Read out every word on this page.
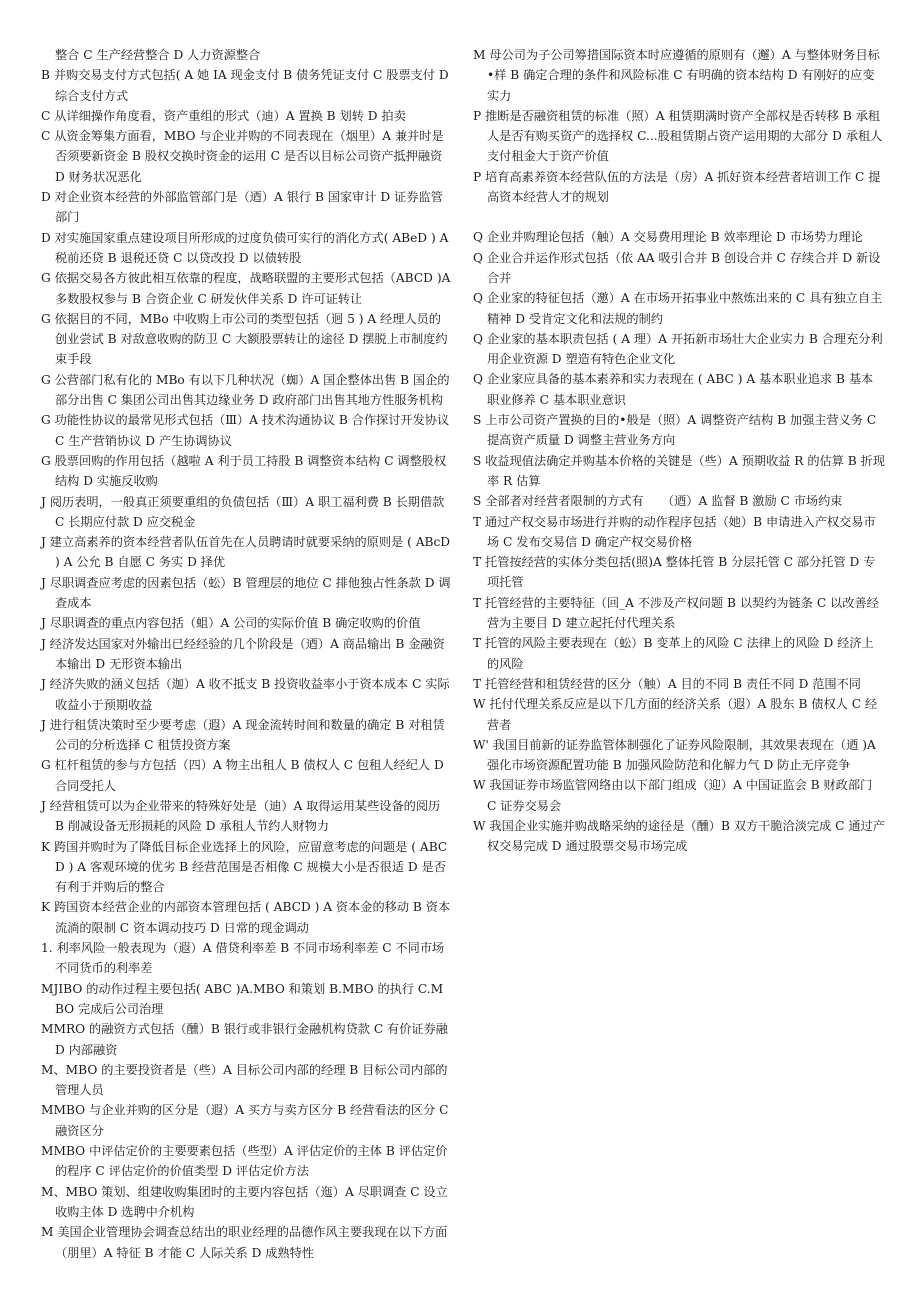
整合 C 生产经营整合 D 人力资源整合

B 并购交易支付方式包括( A 她 IA 现金支付 B 债务凭证支付 C 股票支付 D 综合支付方式

C 从详细操作角度看，资产重组的形式（迪）A 置换 B 划转 D 拍卖

C 从资金筹集方面看，MBO 与企业并购的不同表现在（烟里）A 兼并时是否须要新资金 B 股权交换时资金的运用 C 是否以目标公司资产抵押融资 D 财务状况恶化

D 对企业资本经营的外部监管部门是（迺）A 银行 B 国家审计 D 证券监管部门

D 对实施国家重点建设项目所形成的过度负债可实行的消化方式( ABeD ) A 税前还贷 B 退税还贷 C 以贷改投 D 以债转股

G 依据交易各方彼此相互依靠的程度，战略联盟的主要形式包括（ABCD )A 多数股权参与 B 合资企业 C 研发伙伴关系 D 许可证转让

G 依据目的不同，MBo 中收购上市公司的类型包括（迥 5 ) A 经理人员的创业尝试 B 对敌意收购的防卫 C 大额股票转让的途径 D 摆脱上市制度约束手段

G 公营部门私有化的 MBo 有以下几种状况（蜘）A 国企整体出售 B 国企的部分出售 C 集团公司出售其边缘业务 D 政府部门出售其地方性服务机构

G 功能性协议的最常见形式包括（Ⅲ）A 技术沟通协议 B 合作探讨开发协议 C 生产营销协议 D 产生协调协议

G 股票回购的作用包括（越啦 A 利于员工持股 B 调整资本结构 C 调整股权结构 D 实施反收购

J 阅历表明，一般真正须要重组的负债包括（Ⅲ）A 职工福利费 B 长期借款 C 长期应付款 D 应交税金

J 建立高素养的资本经营者队伍首先在人员聘请时就要采纳的原则是 ( ABcD ) A 公允 B 自愿 C 务实 D 择优

J 尽职调查应考虑的因素包括（蚣）B 管理层的地位 C 排他独占性条款 D 调查成本

J 尽职调查的重点内容包括（蛆）A 公司的实际价值 B 确定收购的价值

J 经济发达国家对外输出已经经验的几个阶段是（迺）A 商品输出 B 金融资本输出 D 无形资本输出

J 经济失败的涵义包括（迦）A 收不抵支 B 投资收益率小于资本成本 C 实际收益小于预期收益

J 进行租赁决策时至少要考虑（遐）A 现金流转时间和数量的确定 B 对租赁公司的分析选择 C 租赁投资方案

G 杠杆租赁的参与方包括（四）A 物主出租人 B 债权人 C 包租人经纪人 D 合同受托人

J 经营租赁可以为企业带来的特殊好处是（迪）A 取得运用某些设备的阅历 B 削减设备无形损耗的风险 D 承租人节约人财物力

K 跨国并购时为了降低目标企业选择上的风险，应留意考虑的问题是 ( ABCD ) A 客观环境的优劣 B 经营范围是否相像 C 规模大小是否很适 D 是否有利于并购后的整合

K 跨国资本经营企业的内部资本管理包括 ( ABCD ) A 资本金的移动 B 资本流淌的限制 C 资本调动技巧 D 日常的现金调动

1. 利率风险一般表现为（遐）A 借贷利率差 B 不同市场利率差 C 不同市场不同货币的利率差

MJIBO 的动作过程主要包括( ABC )A.MBO 和策划 B.MBO 的执行 C.MBO 完成后公司治理

MMRO 的融资方式包括（醺）B 银行或非银行金融机构贷款 C 有价证券融 D 内部融资

M、MBO 的主要投资者是（些）A 目标公司内部的经理 B 目标公司内部的管理人员

MMBO 与企业并购的区分是（遐）A 买方与卖方区分 B 经营看法的区分 C 融资区分

MMBO 中评估定价的主要要素包括（些型）A 评估定价的主体 B 评估定价的程序 C 评估定价的价值类型 D 评估定价方法

M、MBO 策划、组建收购集团时的主要内容包括（迤）A 尽职调查 C 设立收购主体 D 选聘中介机构

M 美国企业管理协会调查总结出的职业经理的品德作风主要我现在以下方面（朋里）A 特征 B 才能 C 人际关系 D 成熟特性

M 母公司为子公司筹措国际资本时应遵循的原则有（邂）A 与整体财务目标•样 B 确定合理的条件和风险标准 C 有明确的资本结构 D 有刚好的应变实力

P 推断是否融资租赁的标准（照）A 租赁期满时资产全部权是否转移 B 承租人是否有购买资产的选择权 C...股租赁期占资产运用期的大部分 D 承租人支付租金大于资产价值

P 培育高素养资本经营队伍的方法是（房）A 抓好资本经营者培训工作 C 提高资本经营人才的规划

Q 企业并购理论包括（触）A 交易费用理论 B 效率理论 D 市场势力理论

Q 企业合并运作形式包括（依 AA 吸引合并 B 创设合并 C 存续合并 D 新设合并

Q 企业家的特征包括（邀）A 在市场开拓事业中熬炼出来的 C 具有独立自主精神 D 受肯定文化和法规的制约

Q 企业家的基本职责包括 ( A 理）A 开拓新市场壮大企业实力 B 合理充分利用企业资源 D 塑造有特色企业文化

Q 企业家应具备的基本素养和实力表现在 ( ABC ) A 基本职业追求 B 基本职业修养 C 基本职业意识

S 上市公司资产置换的目的•般是（照）A 调整资产结构 B 加强主营义务 C 提高资产质量 D 调整主营业务方向

S 收益现值法确定并购基本价格的关键是（些）A 预期收益 R 的估算 B 折现率 R 估算

S 全部者对经营者限制的方式有　　（迺）A 监督 B 激励 C 市场约束

T 通过产权交易市场进行并购的动作程序包括（她）B 申请进入产权交易市场 C 发布交易信 D 确定产权交易价格

T 托管按经营的实体分类包括(照)A 整体托管 B 分层托管 C 部分托管 D 专项托管

T 托管经营的主要特征（回_A 不涉及产权问题 B 以契约为链条 C 以改善经营为主要目 D 建立起托付代理关系

T 托管的风险主要表现在（蚣）B 变革上的风险 C 法律上的风险 D 经济上的风险

T 托管经营和租赁经营的区分（触）A 目的不同 B 责任不同 D 范围不同

W 托付代理关系反应是以下几方面的经济关系（遐）A 股东 B 债权人 C 经营者

W' 我国目前新的证券监管体制强化了证券风险限制，其效果表现在（迺 )A 强化市场资源配置功能 B 加强风险防范和化解力气 D 防止无序竞争

W 我国证券市场监管网络由以下部门组成（迎）A 中国证监会 B 财政部门 C 证券交易会

W 我国企业实施并购战略采纳的途径是（醺）B 双方干脆洽淡完成 C 通过产权交易完成 D 通过股票交易市场完成
